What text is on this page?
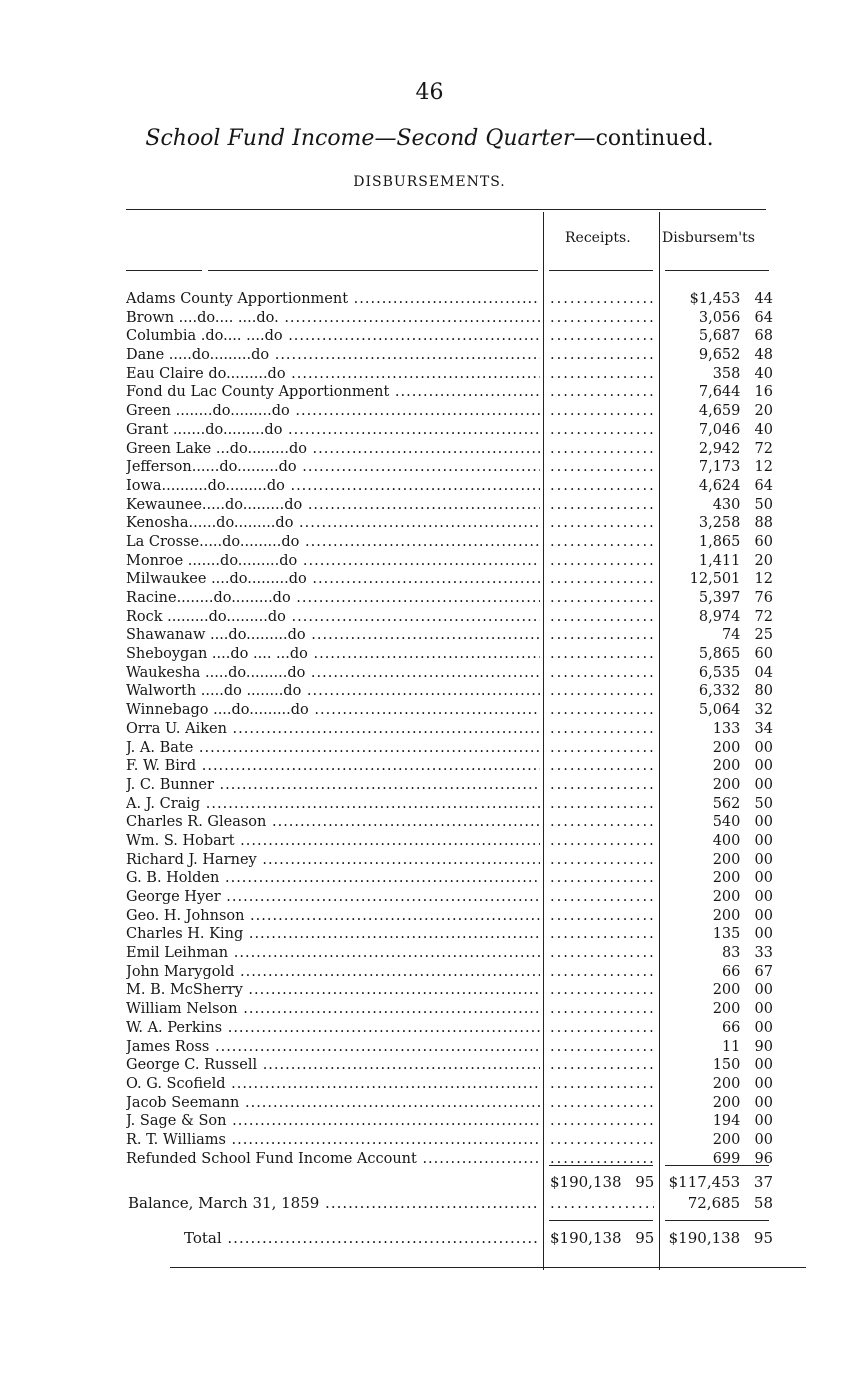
46
School Fund Income—Second Quarter—continued.
DISBURSEMENTS.
Receipts. Disbursem'ts
Adams County Apportionment ..... .....	$1,453 44
Brown ....do.... ....do. ..... .....	3,056 64
Columbia .do.... ....do ..... .....	5,687 68
Dane .....do.........do ..... .....	9,652 48
Eau Claire do.........do ..... .....	358 40
Fond du Lac County Apportionment ..... .....	7,644 16
Green ........do.........do ..... .....	4,659 20
Grant .......do.........do ..... .....	7,046 40
Green Lake ...do.........do ..... .....	2,942 72
Jefferson......do.........do ..... .....	7,173 12
Iowa..........do.........do ..... .....	4,624 64
Kewaunee.....do.........do ..... .....	430 50
Kenosha......do.........do ..... .....	3,258 88
La Crosse.....do.........do ..... .....	1,865 60
Monroe .......do.........do ..... .....	1,411 20
Milwaukee ....do.........do ..... .....	12,501 12
Racine........do.........do ..... .....	5,397 76
Rock .........do.........do ..... .....	8,974 72
Shawanaw ....do.........do ..... .....	74 25
Sheboygan ....do .... ...do ..... .....	5,865 60
Waukesha .....do.........do ..... .....	6,535 04
Walworth .....do ........do ..... .....	6,332 80
Winnebago ....do.........do ..... .....	5,064 32
Orra U. Aiken ..... .....	133 34
J. A. Bate ..... .....	200 00
F. W. Bird ..... .....	200 00
J. C. Bunner ..... .....	200 00
A. J. Craig ..... .....	562 50
Charles R. Gleason ..... .....	540 00
Wm. S. Hobart ..... .....	400 00
Richard J. Harney ..... .....	200 00
G. B. Holden ..... .....	200 00
George Hyer ..... .....	200 00
Geo. H. Johnson ..... .....	200 00
Charles H. King ..... .....	135 00
Emil Leihman ..... .....	83 33
John Marygold ..... .....	66 67
M. B. McSherry ..... .....	200 00
William Nelson ..... .....	200 00
W. A. Perkins ..... .....	66 00
James Ross ..... .....	11 90
George C. Russell ..... .....	150 00
O. G. Scofield ..... .....	200 00
Jacob Seemann ..... .....	200 00
J. Sage & Son ..... .....	194 00
R. T. Williams ..... .....	200 00
Refunded School Fund Income Account ..... .....	699 96
$190,138 95 $117,453 37
Balance, March 31, 1859 ..... .....	72,685 58
Total .....	$190,138 95 $190,138 95
